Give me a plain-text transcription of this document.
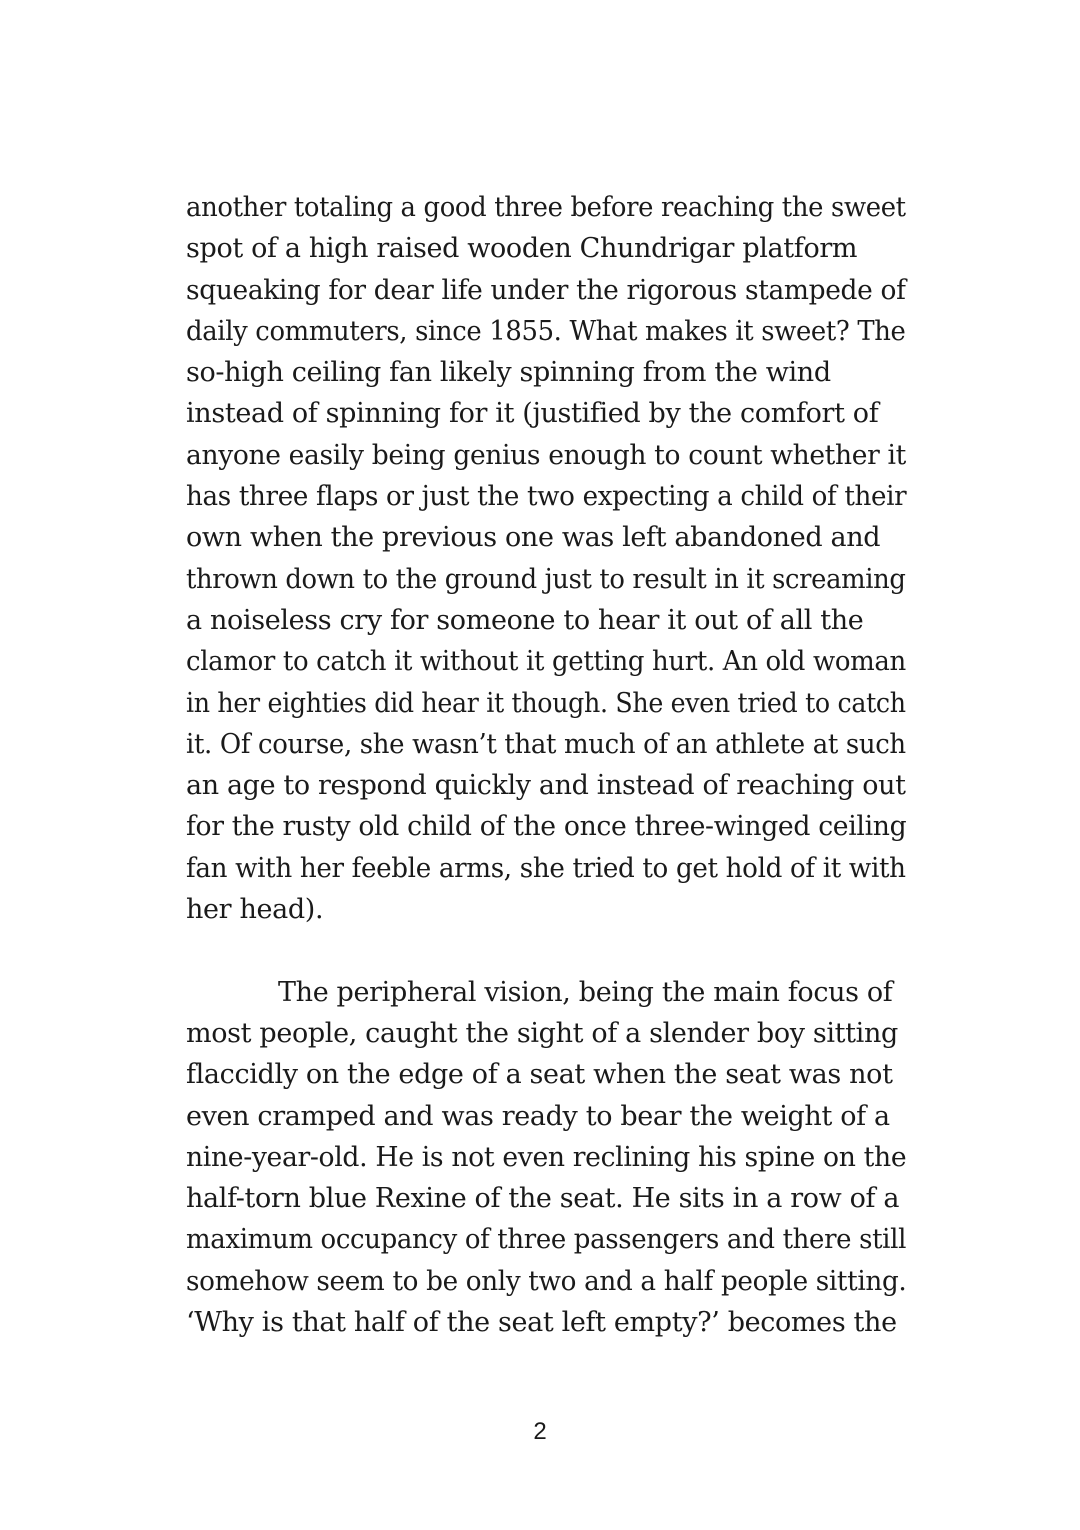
another totaling a good three before reaching the sweet
spot of a high raised wooden Chundrigar platform
squeaking for dear life under the rigorous stampede of
daily commuters, since 1855. What makes it sweet? The
so-high ceiling fan likely spinning from the wind
instead of spinning for it (justified by the comfort of
anyone easily being genius enough to count whether it
has three flaps or just the two expecting a child of their
own when the previous one was left abandoned and
thrown down to the ground just to result in it screaming
a noiseless cry for someone to hear it out of all the
clamor to catch it without it getting hurt. An old woman
in her eighties did hear it though. She even tried to catch
it. Of course, she wasn’t that much of an athlete at such
an age to respond quickly and instead of reaching out
for the rusty old child of the once three-winged ceiling
fan with her feeble arms, she tried to get hold of it with
her head).
The peripheral vision, being the main focus of
most people, caught the sight of a slender boy sitting
flaccidly on the edge of a seat when the seat was not
even cramped and was ready to bear the weight of a
nine-year-old. He is not even reclining his spine on the
half-torn blue Rexine of the seat. He sits in a row of a
maximum occupancy of three passengers and there still
somehow seem to be only two and a half people sitting.
‘Why is that half of the seat left empty?’ becomes the
2
